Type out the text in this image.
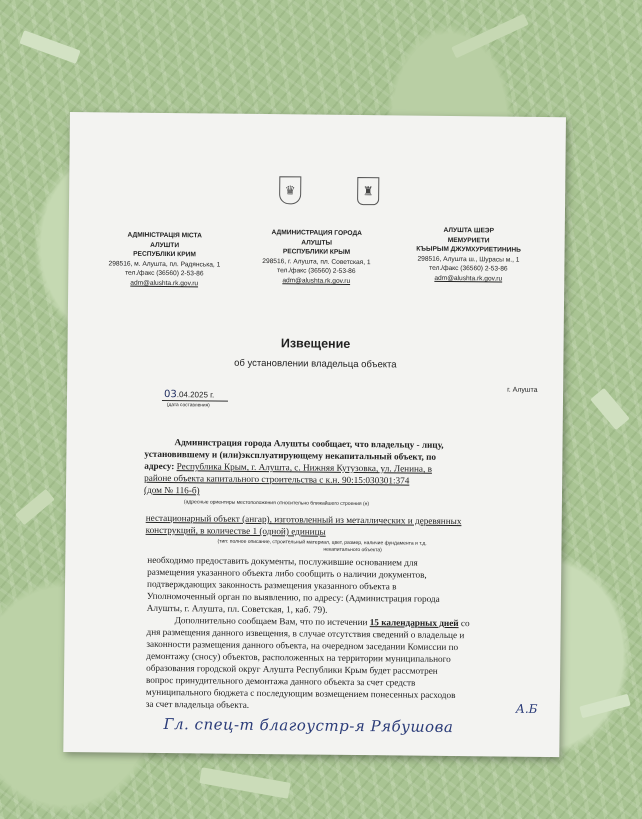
♛	♜
АДМІНІСТРАЦІЯ МІСТА
АЛУШТИ
РЕСПУБЛІКИ КРИМ
298516, м. Алушта, пл. Радянська, 1
тел./факс (36560) 2-53-86
adm@alushta.rk.gov.ru
АДМИНИСТРАЦИЯ ГОРОДА
АЛУШТЫ
РЕСПУБЛИКИ КРЫМ
298516, г. Алушта, пл. Советская, 1
тел./факс (36560) 2-53-86
adm@alushta.rk.gov.ru
АЛУШТА ШЕЭР
МЕМУРИЕТИ
КЪЫРЫМ ДЖУМХУРИЕТИНИНЬ
298516, Алушта ш., Шурасы м., 1
тел./факс (36560) 2-53-86
adm@alushta.rk.gov.ru
Извещение
об установлении владельца объекта
03.04.2025 г.
(дата составления)
г. Алушта
Администрация города Алушты сообщает, что владельцу - лицу,
установившему и (или)эксплуатирующему некапитальный объект, по
адресу: Республика Крым, г. Алушта, с. Нижняя Кутузовка, ул. Ленина, в
районе объекта капитального строительства с к.н. 90:15:030301:374
(дом № 116-б)
(адресные ориентиры местоположения относительно ближайшего строения (н)
нестационарный объект (ангар), изготовленный из металлических и деревянных
конструкций, в количестве 1 (одной) единицы
(тип: полное описание, строительный материал, цвет, размер, наличие фундамента и т.д.
некапитального объекта)
необходимо предоставить документы, послужившие основанием для
размещения указанного объекта либо сообщить о наличии документов,
подтверждающих законность размещения указанного объекта в
Уполномоченный орган по выявлению, по адресу: (Администрация города
Алушты, г. Алушта, пл. Советская, 1, каб. 79).
Дополнительно сообщаем Вам, что по истечении 15 календарных дней со
дня размещения данного извещения, в случае отсутствия сведений о владельце и
законности размещения данного объекта, на очередном заседании Комиссии по
демонтажу (сносу) объектов, расположенных на территории муниципального
образования городской округ Алушта Республики Крым будет рассмотрен
вопрос принудительного демонтажа данного объекта за счет средств
муниципального бюджета с последующим возмещением понесенных расходов
за счет владельца объекта.	А.Б
Гл. спец-т благоустр-я Рябушова
